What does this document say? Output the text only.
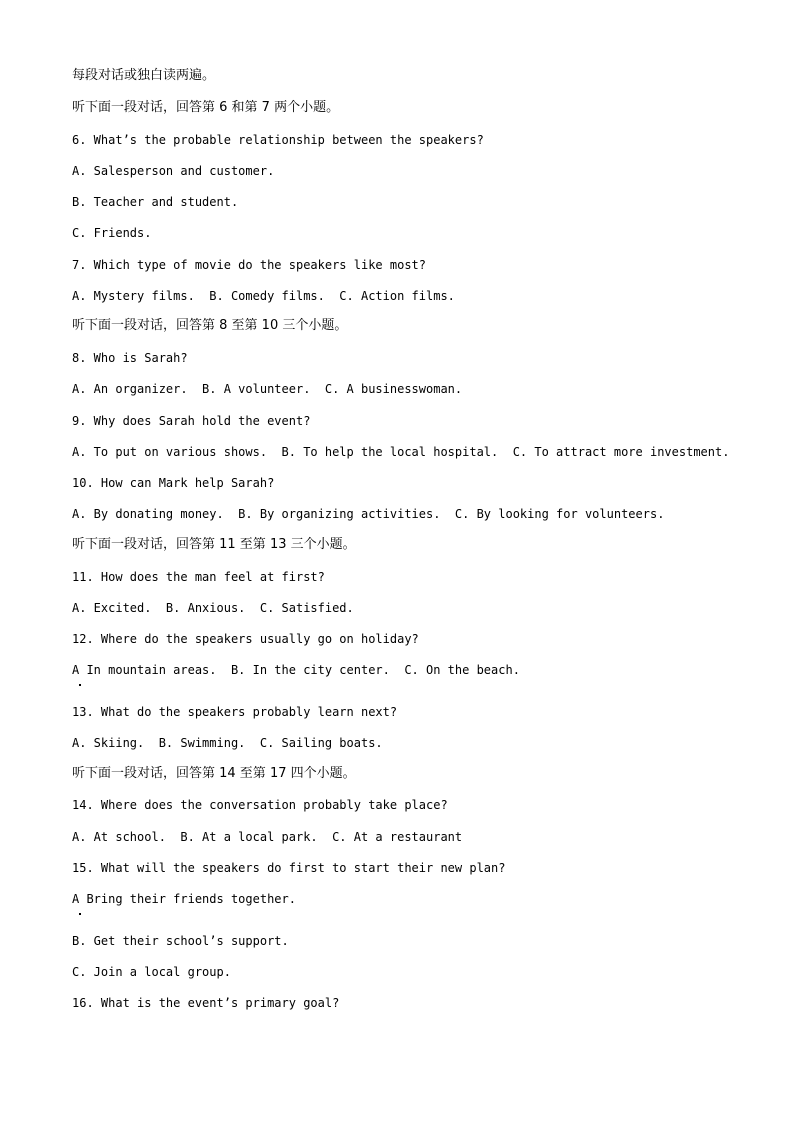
每段对话或独白读两遍。
听下面一段对话，回答第 6 和第 7 两个小题。
6. What’s the probable relationship between the speakers?
A. Salesperson and customer.
B. Teacher and student.
C. Friends.
7. Which type of movie do the speakers like most?
A. Mystery films.  B. Comedy films.  C. Action films.
听下面一段对话，回答第 8 至第 10 三个小题。
8. Who is Sarah?
A. An organizer.  B. A volunteer.  C. A businesswoman.
9. Why does Sarah hold the event?
A. To put on various shows.  B. To help the local hospital.  C. To attract more investment.
10. How can Mark help Sarah?
A. By donating money.  B. By organizing activities.  C. By looking for volunteers.
听下面一段对话，回答第 11 至第 13 三个小题。
11. How does the man feel at first?
A. Excited.  B. Anxious.  C. Satisfied.
12. Where do the speakers usually go on holiday?
A In mountain areas.  B. In the city center.  C. On the beach.
13. What do the speakers probably learn next?
A. Skiing.  B. Swimming.  C. Sailing boats.
听下面一段对话，回答第 14 至第 17 四个小题。
14. Where does the conversation probably take place?
A. At school.  B. At a local park.  C. At a restaurant
15. What will the speakers do first to start their new plan?
A Bring their friends together.
B. Get their school’s support.
C. Join a local group.
16. What is the event’s primary goal?
